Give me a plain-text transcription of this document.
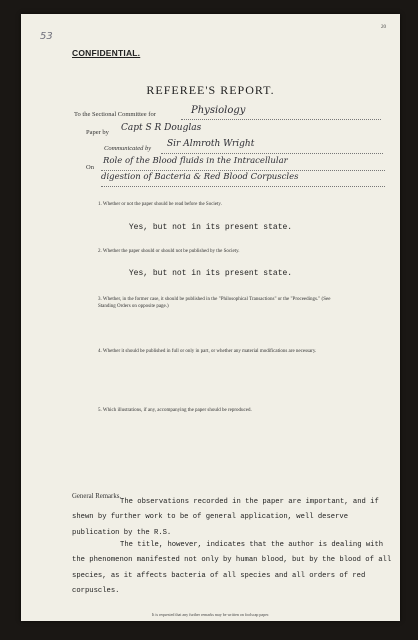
53
20
CONFIDENTIAL.
REFEREE'S REPORT.
To the Sectional Committee for	Physiology
Paper by Capt S R Douglas
Communicated by Sir Almroth Wright
On
Role of the Blood fluids in the Intracellular
digestion of Bacteria & Red Blood Corpuscles
1. Whether or not the paper should be read before the Society.
Yes, but not in its present state.
2. Whether the paper should or should not be published by the Society.
Yes, but not in its present state.
3. Whether, in the former case, it should be published in the "Philosophical Transactions" or the "Proceedings." (See Standing Orders on opposite page.)
4. Whether it should be published in full or only in part, or whether any material modifications are necessary.
5. Which illustrations, if any, accompanying the paper should be reproduced.
General Remarks.
The observations recorded in the paper are important, and if shewn by further work to be of general application, well deserve publication by the R.S.
The title, however, indicates that the author is dealing with the phenomenon manifested not only by human blood, but by the blood of all species, as it affects bacteria of all species and all orders of red corpuscles.
It is requested that any further remarks may be written on foolscap paper.
